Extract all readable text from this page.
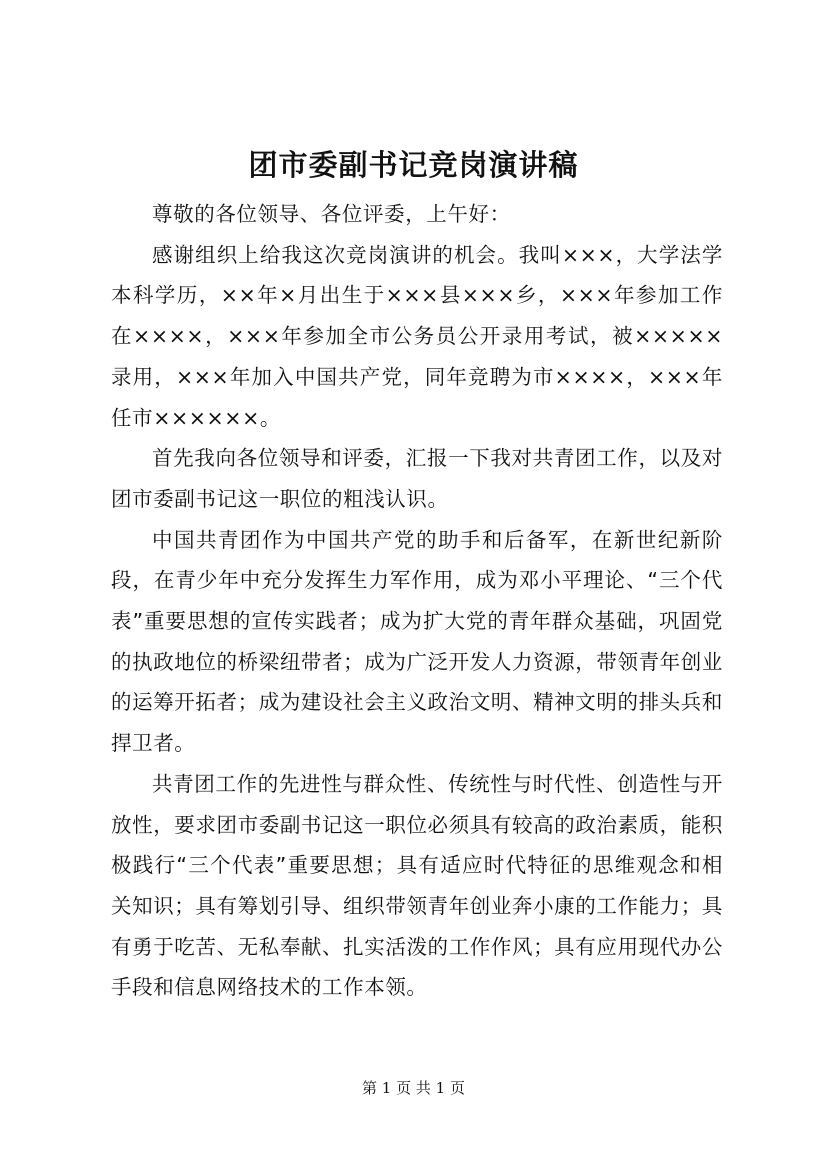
团市委副书记竞岗演讲稿

尊敬的各位领导、各位评委，上午好：

感谢组织上给我这次竞岗演讲的机会。我叫×××，大学法学本科学历，××年×月出生于×××县×××乡，×××年参加工作在××××，×××年参加全市公务员公开录用考试，被×××××录用，×××年加入中国共产党，同年竞聘为市××××，×××年任市××××××。

首先我向各位领导和评委，汇报一下我对共青团工作，以及对团市委副书记这一职位的粗浅认识。

中国共青团作为中国共产党的助手和后备军，在新世纪新阶段，在青少年中充分发挥生力军作用，成为邓小平理论、“三个代表”重要思想的宣传实践者；成为扩大党的青年群众基础，巩固党的执政地位的桥梁纽带者；成为广泛开发人力资源，带领青年创业的运筹开拓者；成为建设社会主义政治文明、精神文明的排头兵和捍卫者。

共青团工作的先进性与群众性、传统性与时代性、创造性与开放性，要求团市委副书记这一职位必须具有较高的政治素质，能积极践行“三个代表”重要思想；具有适应时代特征的思维观念和相关知识；具有筹划引导、组织带领青年创业奔小康的工作能力；具有勇于吃苦、无私奉献、扎实活泼的工作作风；具有应用现代办公手段和信息网络技术的工作本领。

第 1 页 共 1 页
